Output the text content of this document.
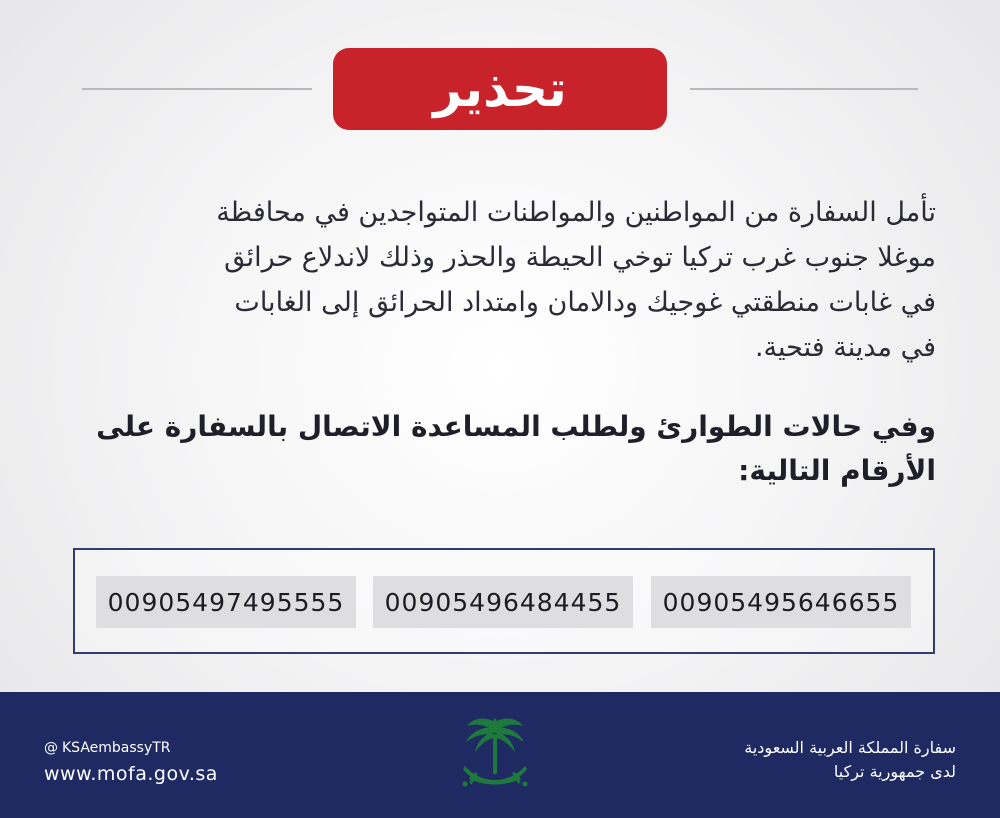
تحذير
تأمل السفارة من المواطنين والمواطنات المتواجدين في محافظة
موغلا جنوب غرب تركيا توخي الحيطة والحذر وذلك لاندلاع حرائق
في غابات منطقتي غوجيك ودالامان وامتداد الحرائق إلى الغابات
في مدينة فتحية.
وفي حالات الطوارئ ولطلب المساعدة الاتصال بالسفارة على
الأرقام التالية:
00905497495555	00905496484455	00905495646655
@ KSAembassyTR
www.mofa.gov.sa
سفارة المملكة العربية السعودية
لدى جمهورية تركيا
